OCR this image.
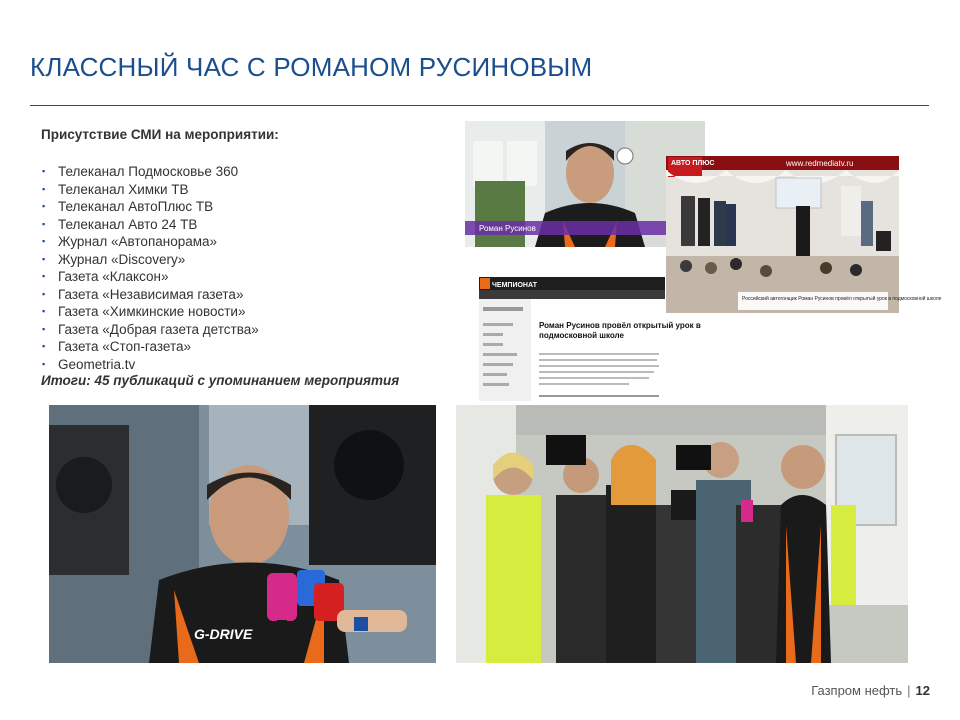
КЛАССНЫЙ ЧАС С РОМАНОМ РУСИНОВЫМ

Присутствие СМИ на мероприятии:

▪ Телеканал Подмосковье 360
▪ Телеканал Химки ТВ
▪ Телеканал АвтоПлюс ТВ
▪ Телеканал Авто 24 ТВ
▪ Журнал «Автопанорама»
▪ Журнал «Discovery»
▪ Газета «Клаксон»
▪ Газета «Независимая газета»
▪ Газета «Химкинские новости»
▪ Газета «Добрая газета детства»
▪ Газета «Стоп-газета»
▪ Geometria.tv

Итоги: 45 публикаций с упоминанием мероприятия

Роман Русинов
АВТО ПЛЮС	www.redmediatv.ru
Российский автогонщик Роман Русинов провёл открытый урок в подмосковной школе
ЧЕМПИОНАТ
Роман Русинов провёл открытый урок в
подмосковной школе
G-DRIVE
Газпром нефть | 12
